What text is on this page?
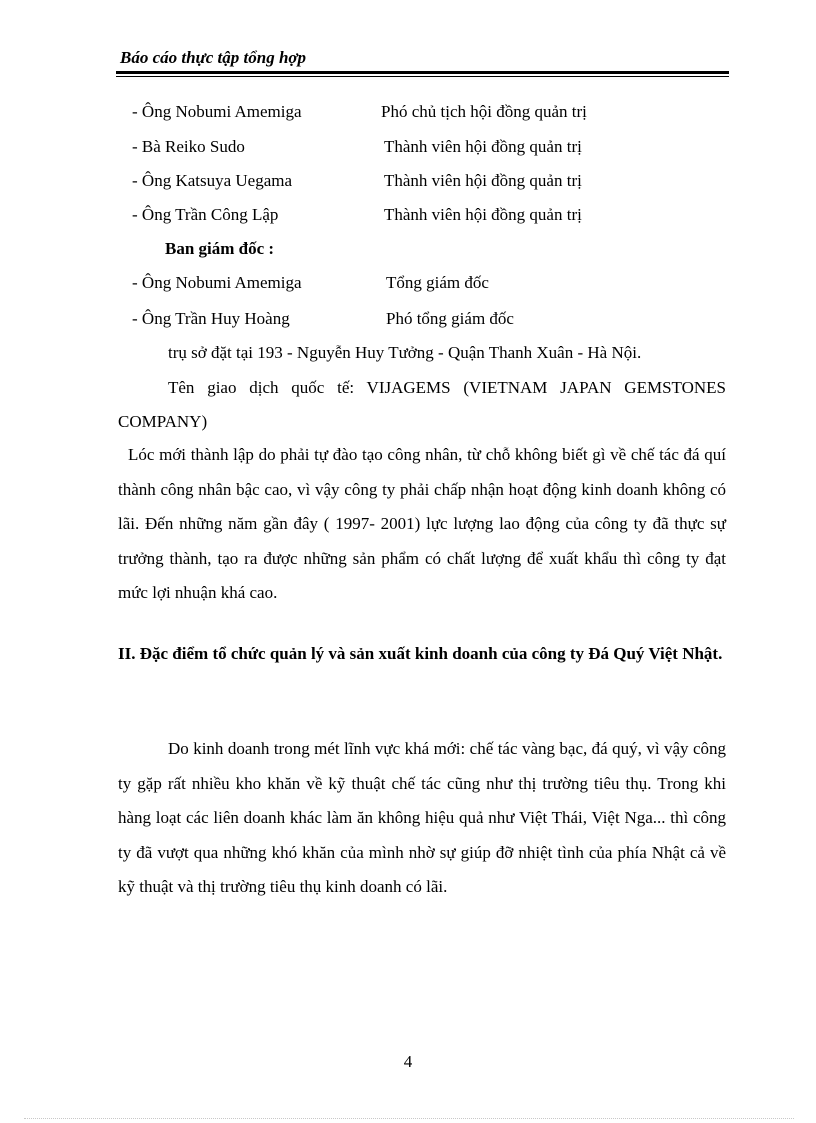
Báo cáo thực tập tổng hợp
- Ông Nobumi Amemiga	Phó chủ tịch hội đồng quản trị
- Bà Reiko Sudo	Thành viên hội đồng quản trị
- Ông Katsuya Uegama	Thành viên hội đồng quản trị
- Ông Trần Công Lập	Thành viên hội đồng quản trị
Ban giám đốc :
- Ông Nobumi Amemiga	Tổng giám đốc
- Ông Trần Huy Hoàng	Phó tổng giám đốc
trụ sở đặt tại 193 - Nguyễn Huy Tưởng - Quận Thanh Xuân - Hà Nội.
Tên giao dịch quốc tế: VIJAGEMS (VIETNAM JAPAN GEMSTONES
COMPANY)
Lóc mới thành lập do phải tự đào tạo công nhân, từ chỗ không biết gì về chế tác đá quí thành công nhân bậc cao, vì vậy công ty phải chấp nhận hoạt động kinh doanh không có lãi. Đến những năm gần đây ( 1997- 2001) lực lượng lao động của công ty đã thực sự trưởng thành, tạo ra được những sản phẩm có chất lượng để xuất khẩu thì công ty đạt mức lợi nhuận khá cao.
II. Đặc điểm tổ chức quản lý và sản xuất kinh doanh của công ty Đá Quý Việt Nhật.
Do kinh doanh trong mét lĩnh vực khá mới: chế tác vàng bạc, đá quý, vì vậy công ty gặp rất nhiều kho khăn về kỹ thuật chế tác cũng như thị trường tiêu thụ. Trong khi hàng loạt các liên doanh khác làm ăn không hiệu quả như Việt Thái, Việt Nga... thì công ty đã vượt qua những khó khăn của mình nhờ sự giúp đỡ nhiệt tình của phía Nhật cả về kỹ thuật và thị trường tiêu thụ kinh doanh có lãi.
4
